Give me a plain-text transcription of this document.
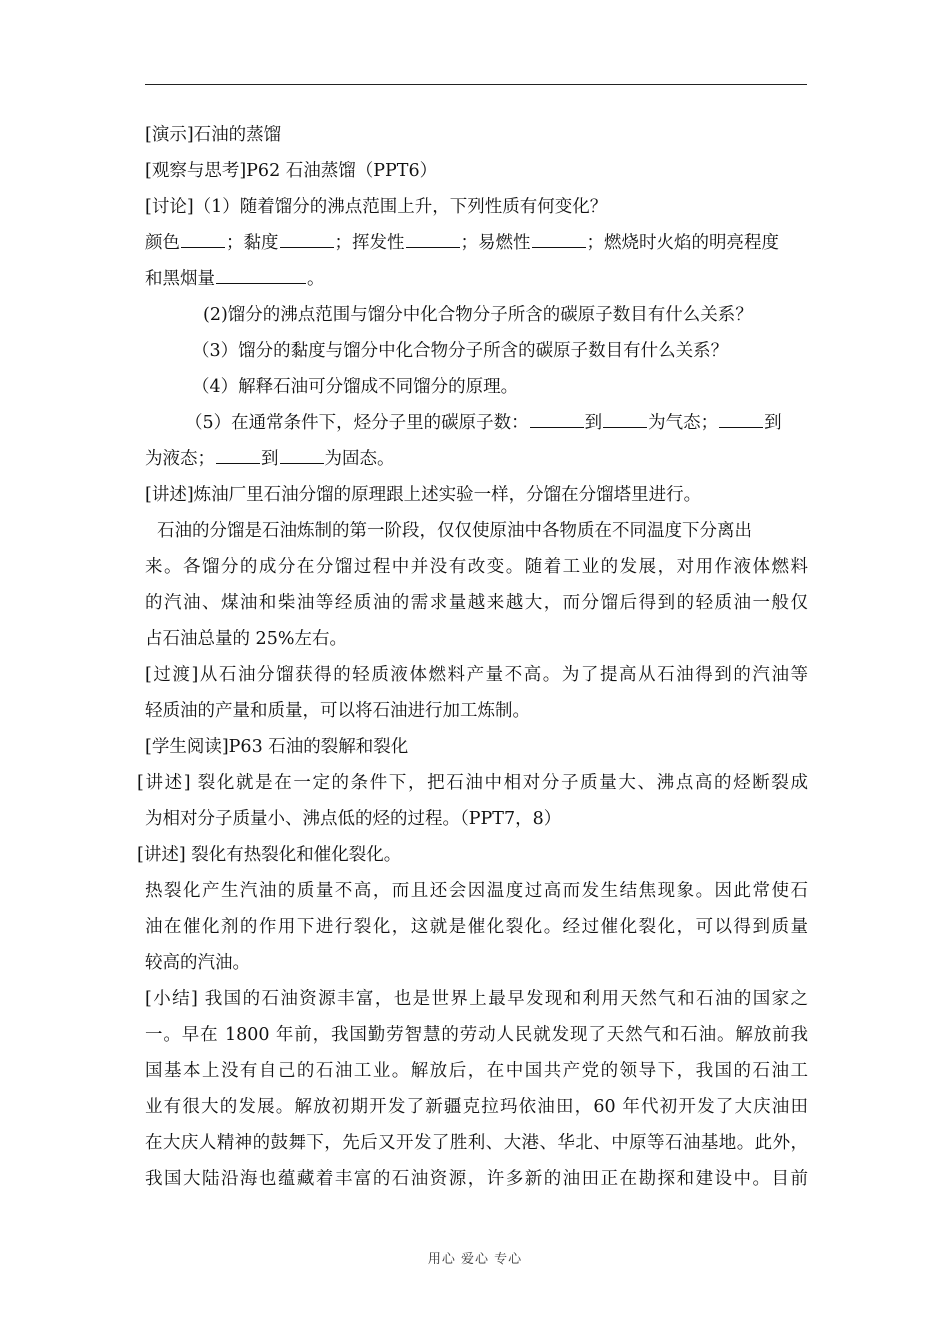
[演示]石油的蒸馏

[观察与思考]P62 石油蒸馏（PPT6）

[讨论]（1）随着馏分的沸点范围上升，下列性质有何变化？

颜色	；黏度	；挥发性	；易燃性	；燃烧时火焰的明亮程度

和黑烟量	。

(2)馏分的沸点范围与馏分中化合物分子所含的碳原子数目有什么关系？

（3）馏分的黏度与馏分中化合物分子所含的碳原子数目有什么关系？

（4）解释石油可分馏成不同馏分的原理。

（5）在通常条件下，烃分子里的碳原子数：	到	为气态；	到

为液态；	到	为固态。

[讲述]炼油厂里石油分馏的原理跟上述实验一样，分馏在分馏塔里进行。

石油的分馏是石油炼制的第一阶段，仅仅使原油中各物质在不同温度下分离出

来。各馏分的成分在分馏过程中并没有改变。随着工业的发展，对用作液体燃料

的汽油、煤油和柴油等经质油的需求量越来越大，而分馏后得到的轻质油一般仅

占石油总量的 25%左右。

[过渡]从石油分馏获得的轻质液体燃料产量不高。为了提高从石油得到的汽油等

轻质油的产量和质量，可以将石油进行加工炼制。

[学生阅读]P63 石油的裂解和裂化

[讲述] 裂化就是在一定的条件下，把石油中相对分子质量大、沸点高的烃断裂成

为相对分子质量小、沸点低的烃的过程。（PPT7，8）

[讲述] 裂化有热裂化和催化裂化。

热裂化产生汽油的质量不高，而且还会因温度过高而发生结焦现象。因此常使石

油在催化剂的作用下进行裂化，这就是催化裂化。经过催化裂化，可以得到质量

较高的汽油。

[小结] 我国的石油资源丰富，也是世界上最早发现和利用天然气和石油的国家之

一。早在 1800 年前，我国勤劳智慧的劳动人民就发现了天然气和石油。解放前我

国基本上没有自己的石油工业。解放后，在中国共产党的领导下，我国的石油工

业有很大的发展。解放初期开发了新疆克拉玛依油田，60 年代初开发了大庆油田

在大庆人精神的鼓舞下，先后又开发了胜利、大港、华北、中原等石油基地。此外，

我国大陆沿海也蕴藏着丰富的石油资源，许多新的油田正在勘探和建设中。目前

用心 爱心 专心
